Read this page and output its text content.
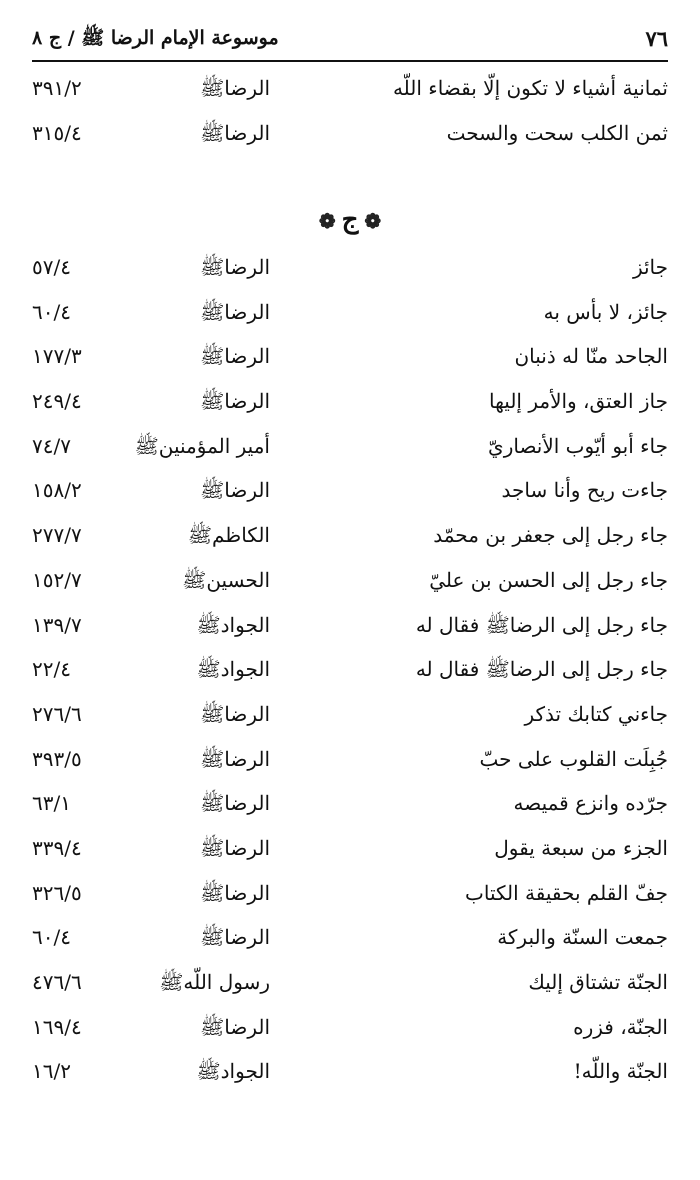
٧٦
موسوعة الإمام الرضا ﷺ / ج ٨
ثمانية أشياء لا تكون إلّا بقضاء اللّه
الرضاﷺ
٣٩١/٢
ثمن الكلب سحت والسحت
الرضاﷺ
٣١٥/٤
❁ ج ❁
جائز
الرضاﷺ
٥٧/٤
جائز، لا بأس به
الرضاﷺ
٦٠/٤
الجاحد منّا له ذنبان
الرضاﷺ
١٧٧/٣
جاز العتق، والأمر إليها
الرضاﷺ
٢٤٩/٤
جاء أبو أيّوب الأنصاريّ
أمير المؤمنينﷺ
٧٤/٧
جاءت ريح وأنا ساجد
الرضاﷺ
١٥٨/٢
جاء رجل إلى جعفر بن محمّد
الكاظمﷺ
٢٧٧/٧
جاء رجل إلى الحسن بن عليّ
الحسينﷺ
١٥٢/٧
جاء رجل إلى الرضاﷺ فقال له
الجوادﷺ
١٣٩/٧
جاء رجل إلى الرضاﷺ فقال له
الجوادﷺ
٢٢/٤
جاءني كتابك تذكر
الرضاﷺ
٢٧٦/٦
جُبِلَت القلوب على حبّ
الرضاﷺ
٣٩٣/٥
جرّده وانزع قميصه
الرضاﷺ
٦٣/١
الجزء من سبعة يقول
الرضاﷺ
٣٣٩/٤
جفّ القلم بحقيقة الكتاب
الرضاﷺ
٣٢٦/٥
جمعت السنّة والبركة
الرضاﷺ
٦٠/٤
الجنّة تشتاق إليك
رسول اللّهﷺ
٤٧٦/٦
الجنّة، فزره
الرضاﷺ
١٦٩/٤
الجنّة واللّه!
الجوادﷺ
١٦/٢
